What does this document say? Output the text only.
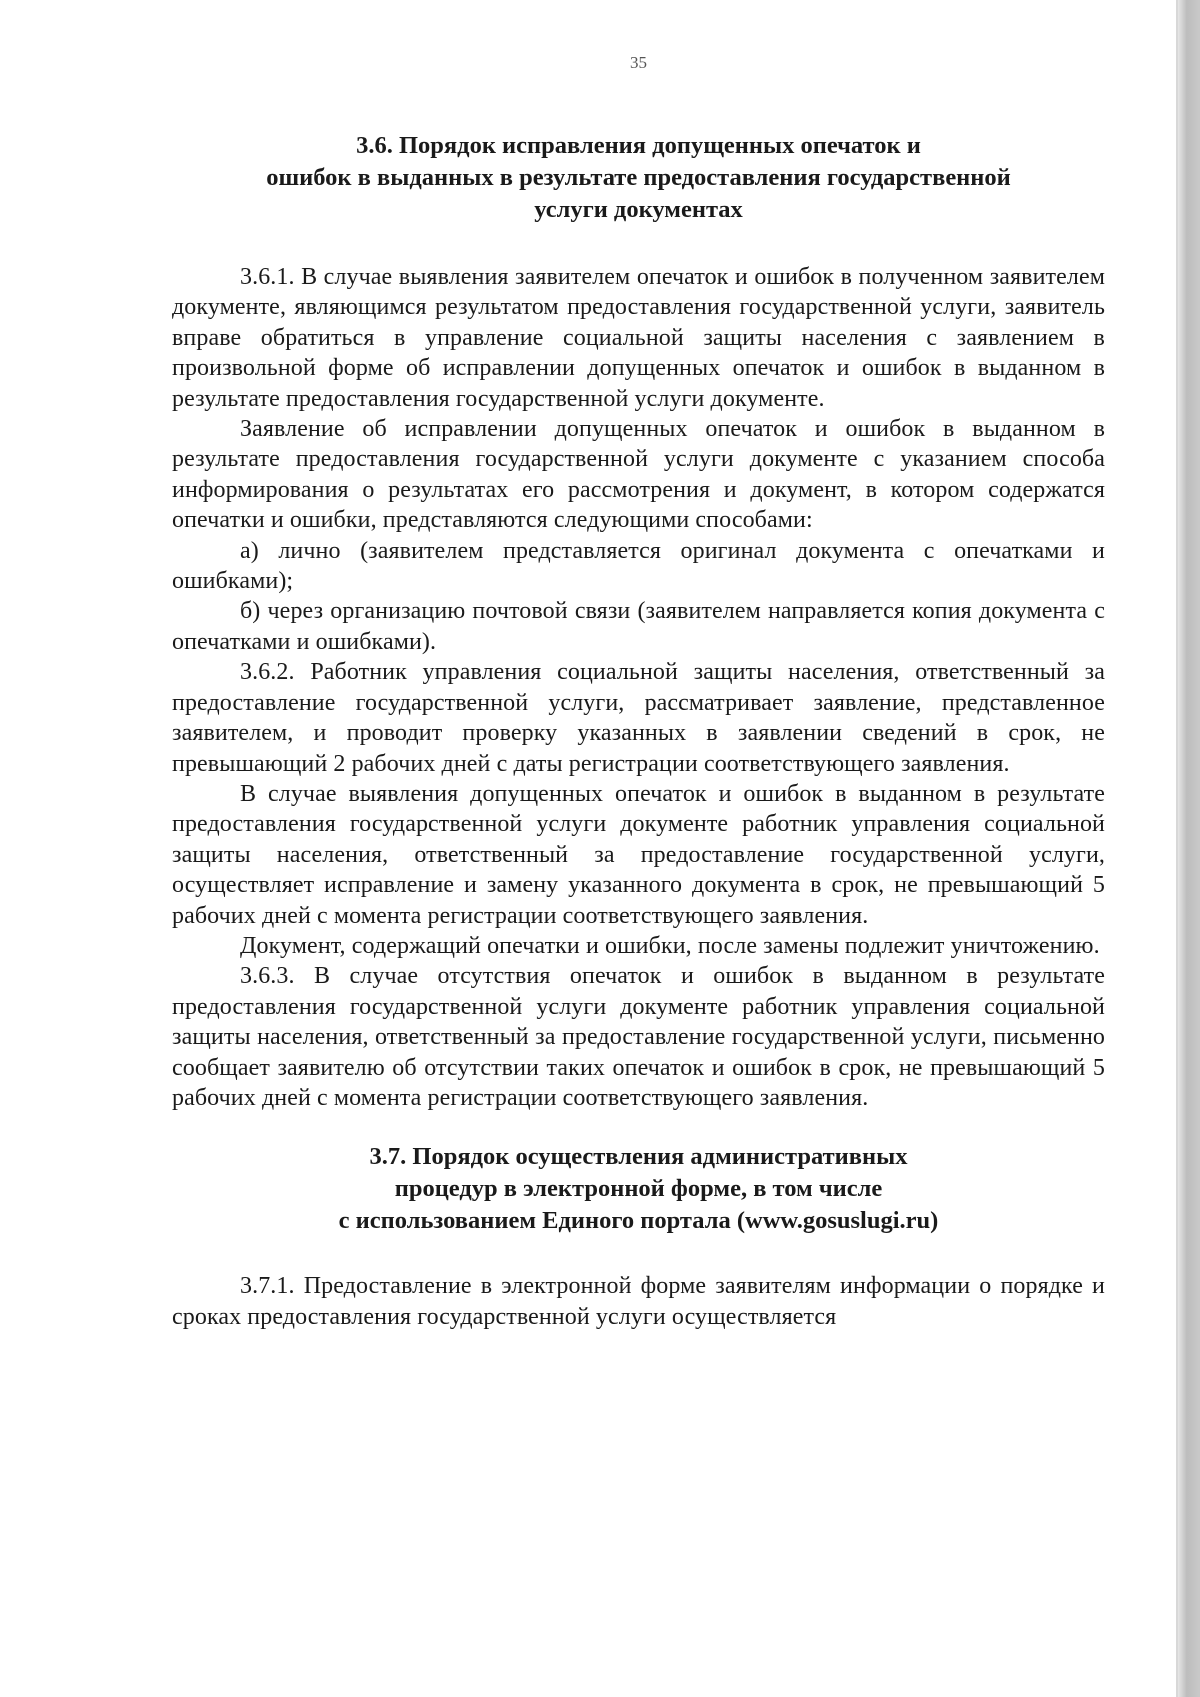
35
3.6. Порядок исправления допущенных опечаток и
ошибок в выданных в результате предоставления государственной
услуги документах

3.6.1. В случае выявления заявителем опечаток и ошибок в полученном заявителем документе, являющимся результатом предоставления государственной услуги, заявитель вправе обратиться в управление социальной защиты населения с заявлением в произвольной форме об исправлении допущенных опечаток и ошибок в выданном в результате предоставления государственной услуги документе.

Заявление об исправлении допущенных опечаток и ошибок в выданном в результате предоставления государственной услуги документе с указанием способа информирования о результатах его рассмотрения и документ, в котором содержатся опечатки и ошибки, представляются следующими способами:

а) лично (заявителем представляется оригинал документа с опечатками и ошибками);

б) через организацию почтовой связи (заявителем направляется копия документа с опечатками и ошибками).

3.6.2. Работник управления социальной защиты населения, ответственный за предоставление государственной услуги, рассматривает заявление, представленное заявителем, и проводит проверку указанных в заявлении сведений в срок, не превышающий 2 рабочих дней с даты регистрации соответствующего заявления.

В случае выявления допущенных опечаток и ошибок в выданном в результате предоставления государственной услуги документе работник управления социальной защиты населения, ответственный за предоставление государственной услуги, осуществляет исправление и замену указанного документа в срок, не превышающий 5 рабочих дней с момента регистрации соответствующего заявления.

Документ, содержащий опечатки и ошибки, после замены подлежит уничтожению.

3.6.3. В случае отсутствия опечаток и ошибок в выданном в результате предоставления государственной услуги документе работник управления социальной защиты населения, ответственный за предоставление государственной услуги, письменно сообщает заявителю об отсутствии таких опечаток и ошибок в срок, не превышающий 5 рабочих дней с момента регистрации соответствующего заявления.

3.7. Порядок осуществления административных
процедур в электронной форме, в том числе
с использованием Единого портала (www.gosuslugi.ru)

3.7.1. Предоставление в электронной форме заявителям информации о порядке и сроках предоставления государственной услуги осуществляется
